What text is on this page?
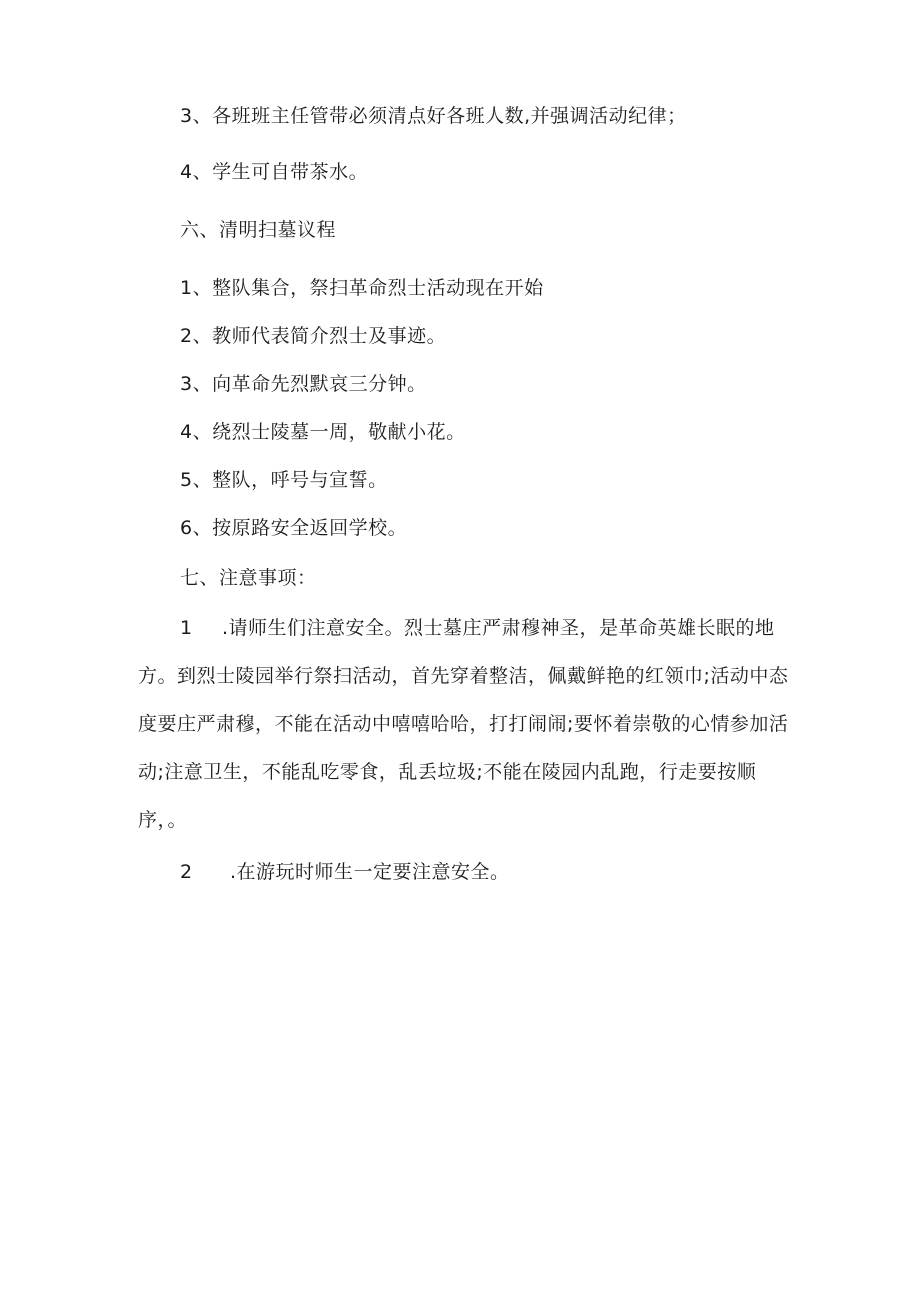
3、各班班主任管带必须清点好各班人数,并强调活动纪律；
4、学生可自带茶水。
六、清明扫墓议程
1、整队集合，祭扫革命烈士活动现在开始
2、教师代表简介烈士及事迹。
3、向革命先烈默哀三分钟。
4、绕烈士陵墓一周，敬献小花。
5、整队，呼号与宣誓。
6、按原路安全返回学校。
七、注意事项：
1 .请师生们注意安全。烈士墓庄严肃穆神圣，是革命英雄长眠的地方。到烈士陵园举行祭扫活动，首先穿着整洁，佩戴鲜艳的红领巾;活动中态度要庄严肃穆，不能在活动中嘻嘻哈哈，打打闹闹;要怀着崇敬的心情参加活动;注意卫生，不能乱吃零食，乱丢垃圾;不能在陵园内乱跑，行走要按顺序，。
2 .在游玩时师生一定要注意安全。
